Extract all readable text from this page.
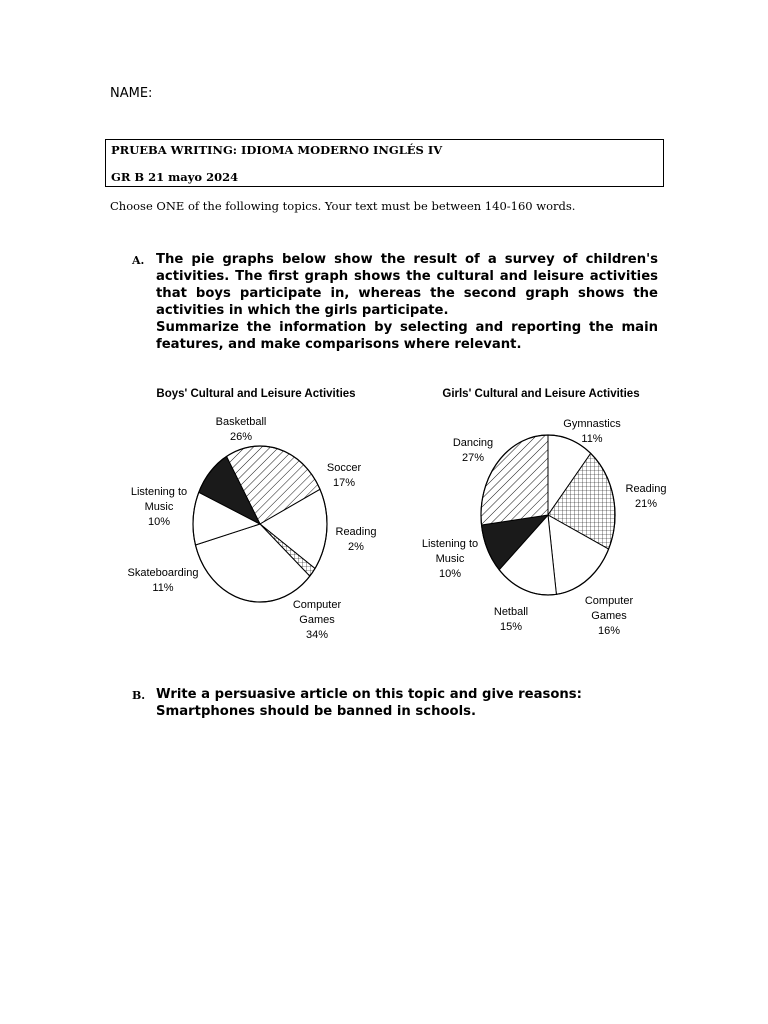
NAME:
PRUEBA WRITING: IDIOMA MODERNO INGLÉS IV
GR B 21 mayo 2024
Choose ONE of the following topics. Your text must be between 140-160 words.
A. The pie graphs below show the result of a survey of children's activities. The first graph shows the cultural and leisure activities that boys participate in, whereas the second graph shows the activities in which the girls participate.

Summarize the information by selecting and reporting the main features, and make comparisons where relevant.

Boys' Cultural and Leisure Activities
Basketball 26%
Soccer 17%
Reading 2%
Computer Games 34%
Skateboarding 11%
Listening to Music 10%
Girls' Cultural and Leisure Activities
Gymnastics 11%
Reading 21%
Computer Games 16%
Netball 15%
Listening to Music 10%
Dancing 27%
B. Write a persuasive article on this topic and give reasons:

Smartphones should be banned in schools.
